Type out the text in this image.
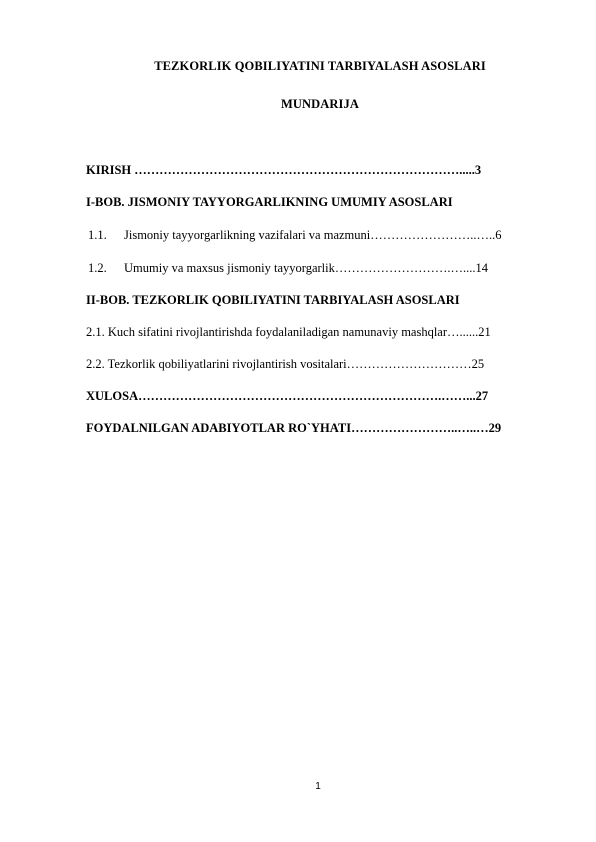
TEZKORLIK QOBILIYATINI TARBIYALASH ASOSLARI
MUNDARIJA
KIRISH …………………………………………………………………….....3
I-BOB. JISMONIY TAYYORGARLIKNING UMUMIY ASOSLARI
1.1. Jismoniy tayyorgarlikning vazifalari va mazmuni……………………..…..6
1.2. Umumiy va maxsus jismoniy tayyorgarlik……………………….…....14
II-BOB. TEZKORLIK QOBILIYATINI TARBIYALASH ASOSLARI
2.1. Kuch sifatini rivojlantirishda foydalaniladigan namunaviy mashqlar…......21
2.2. Tezkorlik qobiliyatlarini rivojlantirish vositalari…………………………25
XULOSA……………………………………………………………….……...27
FOYDALNILGAN ADABIYOTLAR RO`YHATI……………………..…..…29
1
